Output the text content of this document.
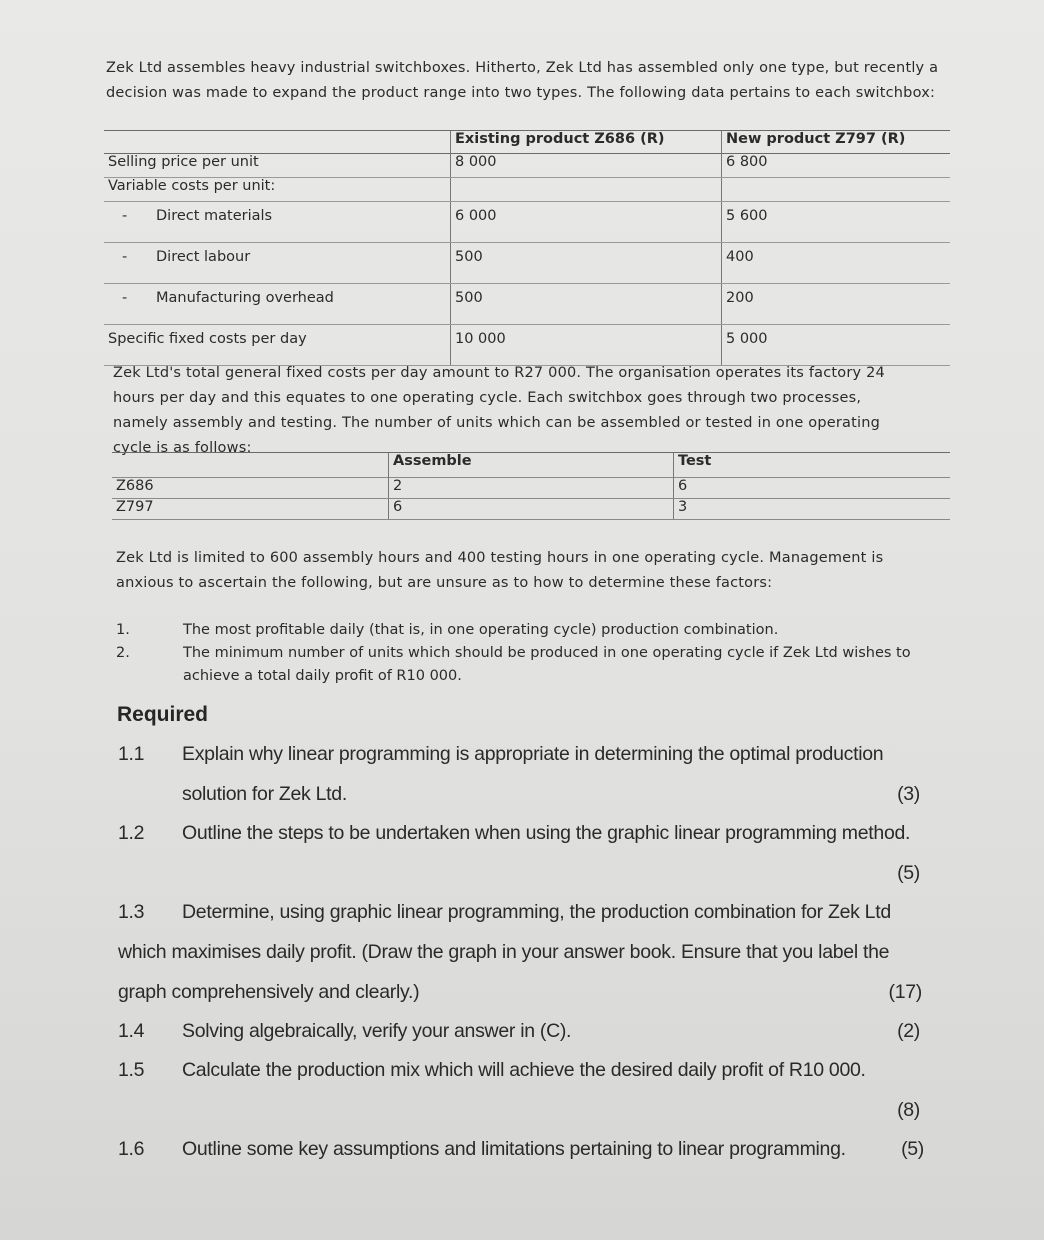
Zek Ltd assembles heavy industrial switchboxes. Hitherto, Zek Ltd has assembled only one type, but recently a decision was made to expand the product range into two types. The following data pertains to each switchbox:
	Existing product Z686 (R)	New product Z797 (R)
Selling price per unit	8 000	6 800
Variable costs per unit:		

- Direct materials	6 000	5 600

- Direct labour	500	400

- Manufacturing overhead	500	200
Specific fixed costs per day	10 000	5 000
Zek Ltd's total general fixed costs per day amount to R27 000. The organisation operates its factory 24 hours per day and this equates to one operating cycle. Each switchbox goes through two processes, namely assembly and testing. The number of units which can be assembled or tested in one operating cycle is as follows:
	Assemble	Test
Z686	2	6
Z797	6	3
Zek Ltd is limited to 600 assembly hours and 400 testing hours in one operating cycle. Management is anxious to ascertain the following, but are unsure as to how to determine these factors:
1.	The most profitable daily (that is, in one operating cycle) production combination.
2.	The minimum number of units which should be produced in one operating cycle if Zek Ltd wishes to achieve a total daily profit of R10 000.
Required
1.1	Explain why linear programming is appropriate in determining the optimal production solution for Zek Ltd.	(3)
1.2	Outline the steps to be undertaken when using the graphic linear programming method.
(5)
1.3	Determine, using graphic linear programming, the production combination for Zek Ltd which maximises daily profit. (Draw the graph in your answer book. Ensure that you label the graph comprehensively and clearly.)	(17)
1.4	Solving algebraically, verify your answer in (C).	(2)
1.5	Calculate the production mix which will achieve the desired daily profit of R10 000.
(8)
1.6	Outline some key assumptions and limitations pertaining to linear programming.	(5)
